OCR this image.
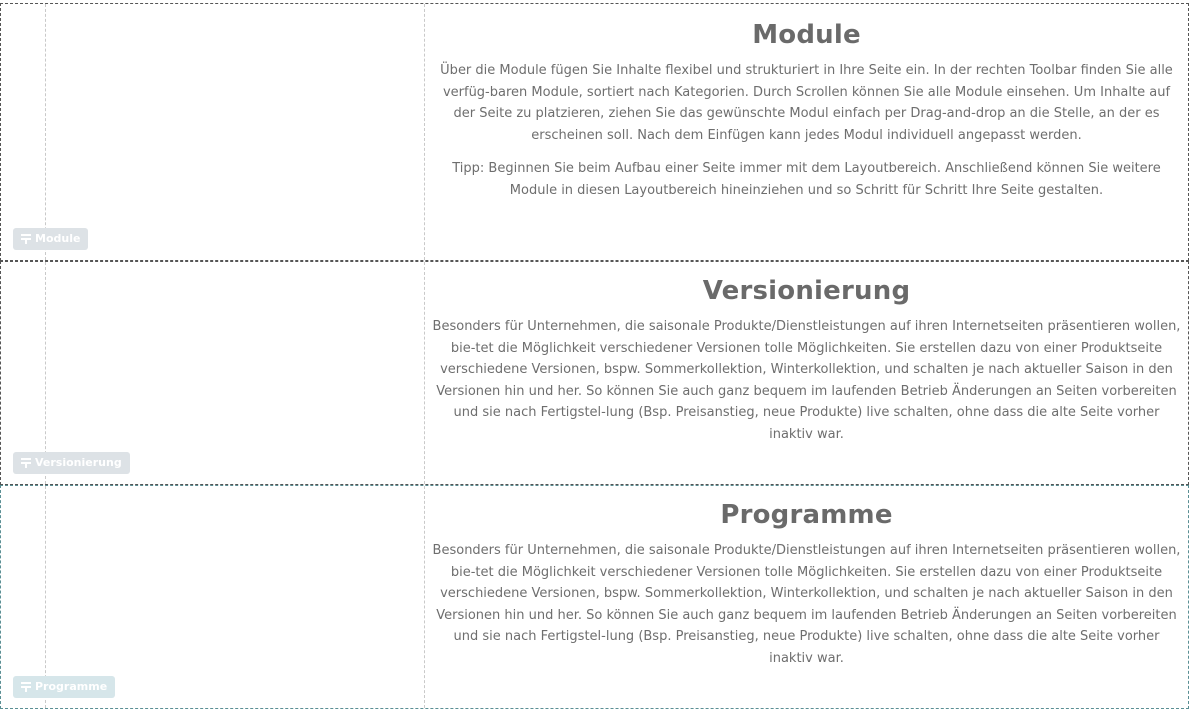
Module

Über die Module fügen Sie Inhalte flexibel und strukturiert in Ihre Seite ein. In der rechten Toolbar finden Sie alle verfüg-baren Module, sortiert nach Kategorien. Durch Scrollen können Sie alle Module einsehen. Um Inhalte auf der Seite zu platzieren, ziehen Sie das gewünschte Modul einfach per Drag-and-drop an die Stelle, an der es erscheinen soll. Nach dem Einfügen kann jedes Modul individuell angepasst werden.

Tipp: Beginnen Sie beim Aufbau einer Seite immer mit dem Layoutbereich. Anschließend können Sie weitere Module in diesen Layoutbereich hineinziehen und so Schritt für Schritt Ihre Seite gestalten.

Module
Versionierung

Besonders für Unternehmen, die saisonale Produkte/Dienstleistungen auf ihren Internetseiten präsentieren wollen, bie-tet die Möglichkeit verschiedener Versionen tolle Möglichkeiten. Sie erstellen dazu von einer Produktseite verschiedene Versionen, bspw. Sommerkollektion, Winterkollektion, und schalten je nach aktueller Saison in den Versionen hin und her. So können Sie auch ganz bequem im laufenden Betrieb Änderungen an Seiten vorbereiten und sie nach Fertigstel-lung (Bsp. Preisanstieg, neue Produkte) live schalten, ohne dass die alte Seite vorher inaktiv war.

Versionierung
Programme

Besonders für Unternehmen, die saisonale Produkte/Dienstleistungen auf ihren Internetseiten präsentieren wollen, bie-tet die Möglichkeit verschiedener Versionen tolle Möglichkeiten. Sie erstellen dazu von einer Produktseite verschiedene Versionen, bspw. Sommerkollektion, Winterkollektion, und schalten je nach aktueller Saison in den Versionen hin und her. So können Sie auch ganz bequem im laufenden Betrieb Änderungen an Seiten vorbereiten und sie nach Fertigstel-lung (Bsp. Preisanstieg, neue Produkte) live schalten, ohne dass die alte Seite vorher inaktiv war.

Programme
